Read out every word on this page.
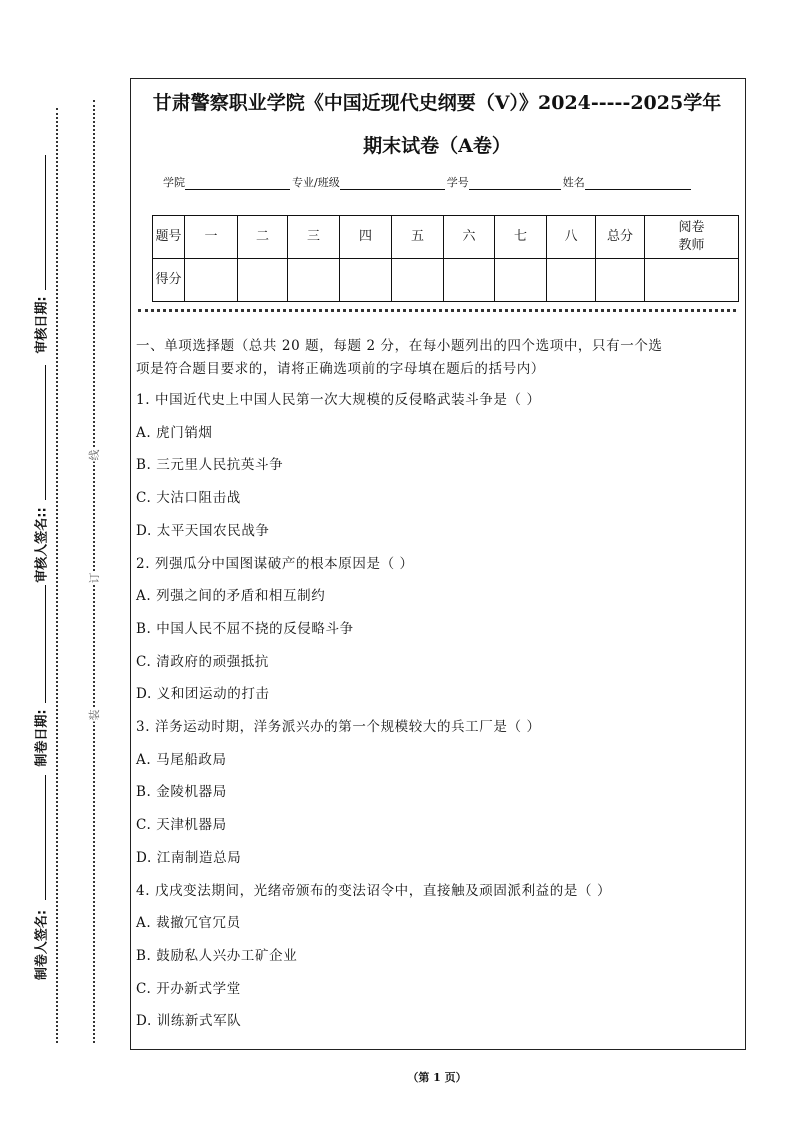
审核日期:
审核人签名::
制卷日期:
制卷人签名:
线
订
装
甘肃警察职业学院《中国近现代史纲要（V）》2024-----2025学年
期末试卷（A卷）
学院	专业/班级	学号	姓名
题号	一	二	三	四	五	六	七	八	总分	阅卷教师
得分										
一、单项选择题（总共 20 题，每题 2 分，在每小题列出的四个选项中，只有一个选
项是符合题目要求的，请将正确选项前的字母填在题后的括号内）
1. 中国近代史上中国人民第一次大规模的反侵略武装斗争是（ ）
A. 虎门销烟
B. 三元里人民抗英斗争
C. 大沽口阻击战
D. 太平天国农民战争
2. 列强瓜分中国图谋破产的根本原因是（ ）
A. 列强之间的矛盾和相互制约
B. 中国人民不屈不挠的反侵略斗争
C. 清政府的顽强抵抗
D. 义和团运动的打击
3. 洋务运动时期，洋务派兴办的第一个规模较大的兵工厂是（ ）
A. 马尾船政局
B. 金陵机器局
C. 天津机器局
D. 江南制造总局
4. 戊戌变法期间，光绪帝颁布的变法诏令中，直接触及顽固派利益的是（ ）
A. 裁撤冗官冗员
B. 鼓励私人兴办工矿企业
C. 开办新式学堂
D. 训练新式军队
（第 1 页）
